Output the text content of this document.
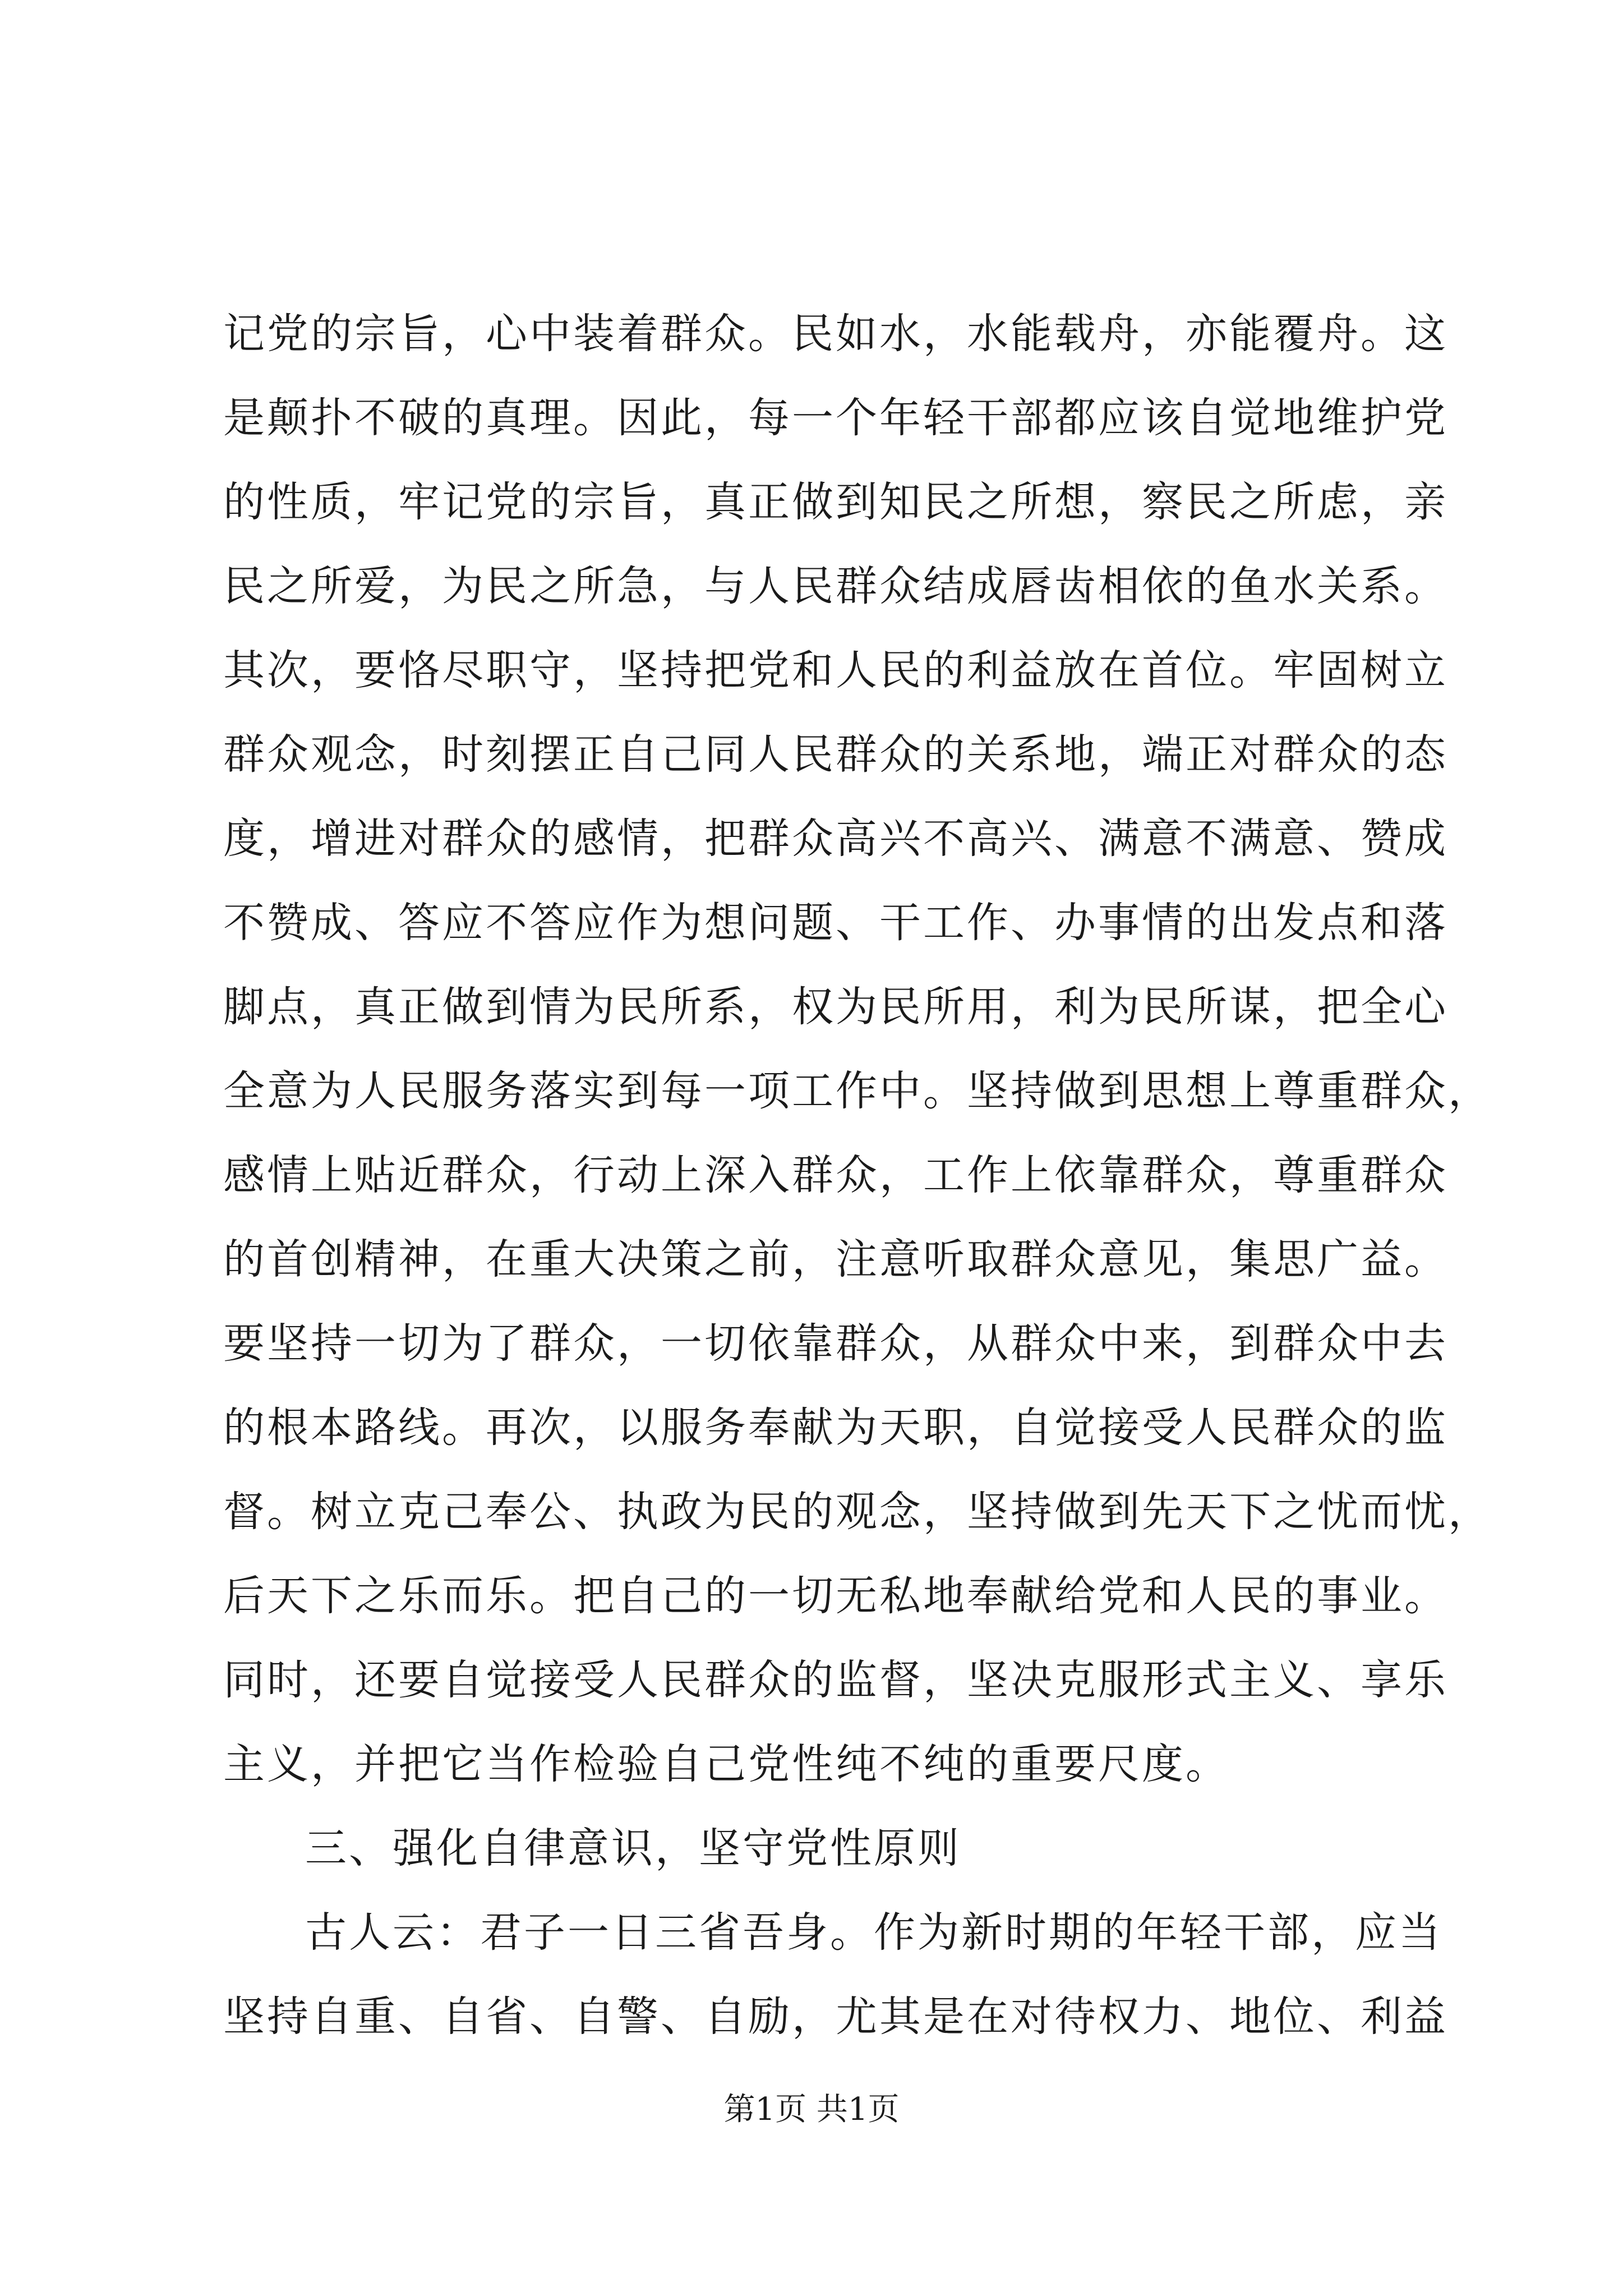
记党的宗旨，心中装着群众。民如水，水能载舟，亦能覆舟。这
是颠扑不破的真理。因此，每一个年轻干部都应该自觉地维护党
的性质，牢记党的宗旨，真正做到知民之所想，察民之所虑，亲
民之所爱，为民之所急，与人民群众结成唇齿相依的鱼水关系。
其次，要恪尽职守，坚持把党和人民的利益放在首位。牢固树立
群众观念，时刻摆正自己同人民群众的关系地，端正对群众的态
度，增进对群众的感情，把群众高兴不高兴、满意不满意、赞成
不赞成、答应不答应作为想问题、干工作、办事情的出发点和落
脚点，真正做到情为民所系，权为民所用，利为民所谋，把全心
全意为人民服务落实到每一项工作中。坚持做到思想上尊重群众，
感情上贴近群众，行动上深入群众，工作上依靠群众，尊重群众
的首创精神，在重大决策之前，注意听取群众意见，集思广益。
要坚持一切为了群众，一切依靠群众，从群众中来，到群众中去
的根本路线。再次，以服务奉献为天职，自觉接受人民群众的监
督。树立克己奉公、执政为民的观念，坚持做到先天下之忧而忧，
后天下之乐而乐。把自己的一切无私地奉献给党和人民的事业。
同时，还要自觉接受人民群众的监督，坚决克服形式主义、享乐
主义，并把它当作检验自己党性纯不纯的重要尺度。
三、强化自律意识，坚守党性原则
古人云：君子一日三省吾身。作为新时期的年轻干部，应当
坚持自重、自省、自警、自励，尤其是在对待权力、地位、利益
第1页 共1页
